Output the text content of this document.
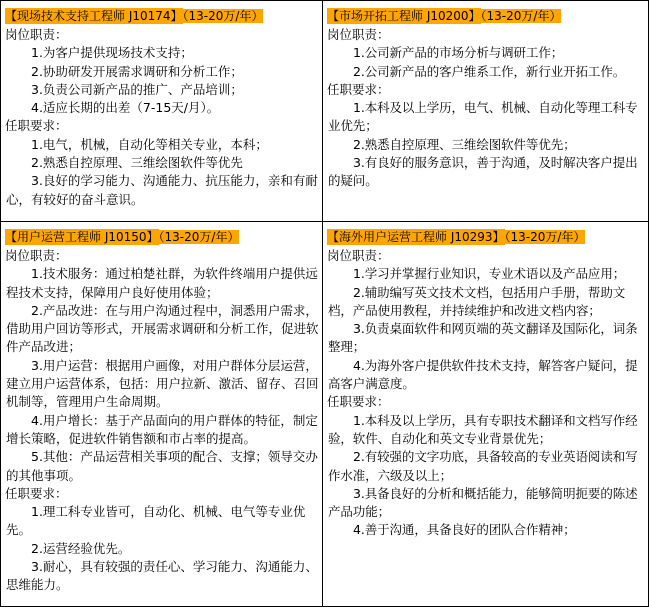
【现场技术支持工程师 J10174】（13-20万/年）
岗位职责：
1.为客户提供现场技术支持；
2.协助研发开展需求调研和分析工作；
3.负责公司新产品的推广、产品培训；
4.适应长期的出差（7-15天/月）。
任职要求：
1.电气，机械，自动化等相关专业，本科；
2.熟悉自控原理、三维绘图软件等优先
3.良好的学习能力、沟通能力、抗压能力，亲和有耐心，有较好的奋斗意识。
【市场开拓工程师 J10200】（13-20万/年）
岗位职责：
1.公司新产品的市场分析与调研工作；
2.公司新产品的客户维系工作，新行业开拓工作。
任职要求：
1.本科及以上学历，电气、机械、自动化等理工科专业优先；
2.熟悉自控原理、三维绘图软件等优先；
3.有良好的服务意识，善于沟通，及时解决客户提出的疑问。
【用户运营工程师 J10150】（13-20万/年）
岗位职责：
1.技术服务：通过柏楚社群，为软件终端用户提供远程技术支持，保障用户良好使用体验；
2.产品改进：在与用户沟通过程中，洞悉用户需求，借助用户回访等形式，开展需求调研和分析工作，促进软件产品改进；
3.用户运营：根据用户画像，对用户群体分层运营，建立用户运营体系，包括：用户拉新、激活、留存、召回机制等，管理用户生命周期。
4.用户增长：基于产品面向的用户群体的特征，制定增长策略，促进软件销售额和市占率的提高。
5.其他：产品运营相关事项的配合、支撑；领导交办的其他事项。
任职要求：
1.理工科专业皆可，自动化、机械、电气等专业优先。
2.运营经验优先。
3.耐心，具有较强的责任心、学习能力、沟通能力、思维能力。
【海外用户运营工程师 J10293】（13-20万/年）
岗位职责：
1.学习并掌握行业知识，专业术语以及产品应用；
2.辅助编写英文技术文档，包括用户手册，帮助文档，产品使用教程，并持续维护和改进文档内容；
3.负责桌面软件和网页端的英文翻译及国际化，词条整理；
4.为海外客户提供软件技术支持，解答客户疑问，提高客户满意度。
任职要求：
1.本科及以上学历，具有专职技术翻译和文档写作经验，软件、自动化和英文专业背景优先；
2.有较强的文字功底，具备较高的专业英语阅读和写作水准，六级及以上；
3.具备良好的分析和概括能力，能够简明扼要的陈述产品功能；
4.善于沟通，具备良好的团队合作精神；
